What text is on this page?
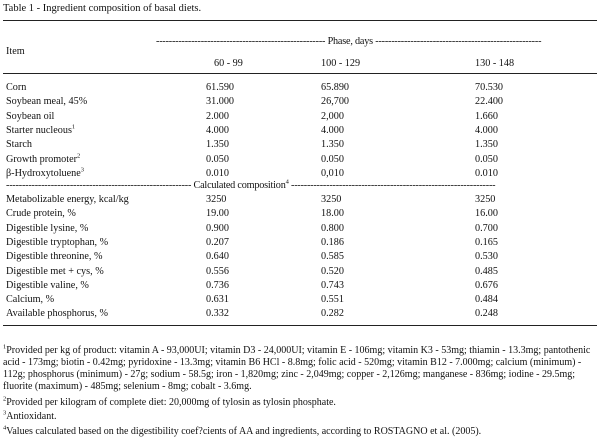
Table 1 - Ingredient composition of basal diets.
Item
----------------------------------------------------- Phase, days ----------------------------------------------------
60 - 99	100 - 129	130 - 148
Corn	61.590	65.890	70.530
Soybean meal, 45%	31.000	26,700	22.400
Soybean oil	2.000	2,000	1.660
Starter nucleous$^1$	4.000	4.000	4.000
Starch	1.350	1.350	1.350
Growth promoter$^2$	0.050	0.050	0.050
β-Hydroxytoluene$^3$	0.010	0,010	0.010
---------------------------------------------------------- Calculated composition$^4$ ----------------------------------------------------------------
Metabolizable energy, kcal/kg	3250	3250	3250
Crude protein, %	19.00	18.00	16.00
Digestible lysine, %	0.900	0.800	0.700
Digestible tryptophan, %	0.207	0.186	0.165
Digestible threonine, %	0.640	0.585	0.530
Digestible met + cys, %	0.556	0.520	0.485
Digestible valine, %	0.736	0.743	0.676
Calcium, %	0.631	0.551	0.484
Available phosphorus, %	0.332	0.282	0.248
$^1$Provided per kg of product: vitamin A - 93,000UI; vitamin D3 - 24,000UI; vitamin E - 106mg; vitamin K3 - 53mg; thiamin - 13.3mg; pantothenic acid - 173mg; biotin - 0.42mg; pyridoxine - 13.3mg; vitamin B6 HCl - 8.8mg; folic acid - 520mg; vitamin B12 - 7.000mg; calcium (minimum) - 112g; phosphorus (minimum) - 27g; sodium - 58.5g; iron - 1,820mg; zinc - 2,049mg; copper - 2,126mg; manganese - 836mg; iodine - 29.5mg; fluorite (maximum) - 485mg; selenium - 8mg; cobalt - 3.6mg.
$^2$Provided per kilogram of complete diet: 20,000mg of tylosin as tylosin phosphate.
$^3$Antioxidant.
$^4$Values calculated based on the digestibility coef?cients of AA and ingredients, according to ROSTAGNO et al. (2005).
